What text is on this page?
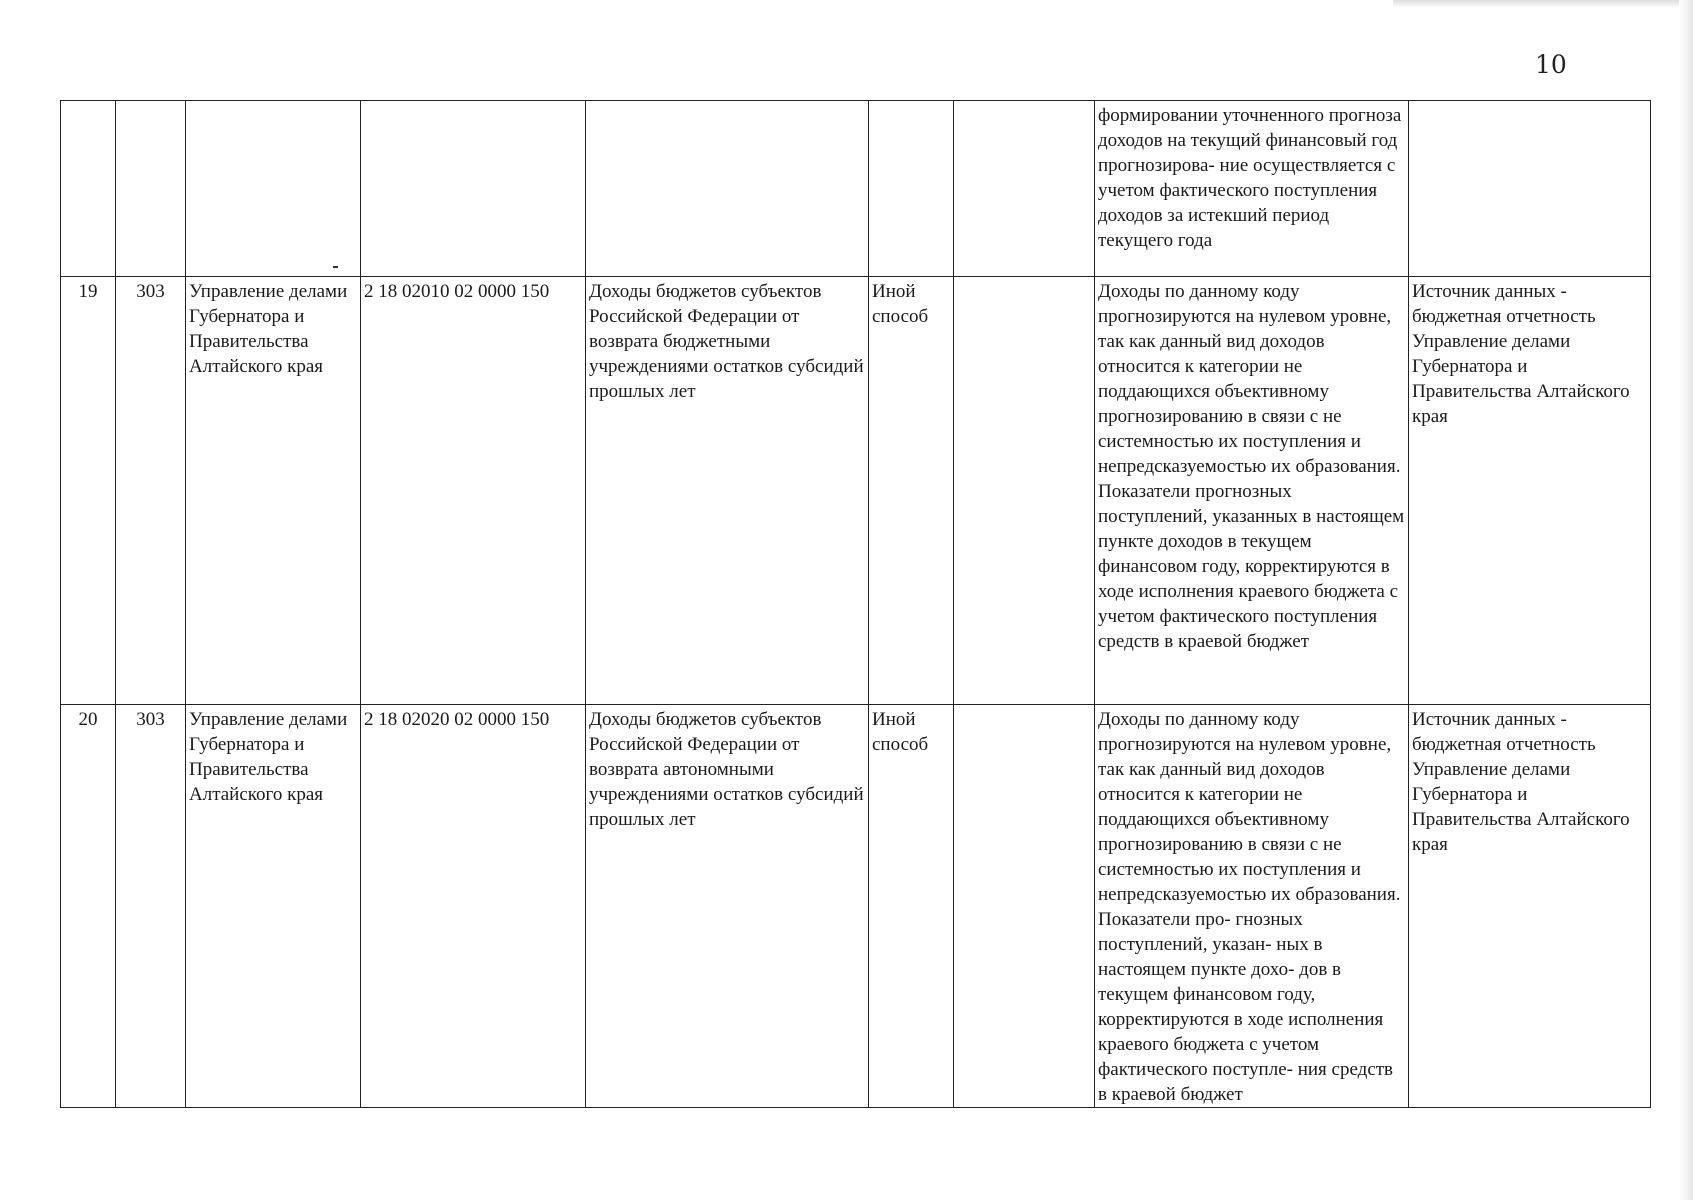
10
							формировании уточненного прогноза доходов на текущий финансовый год прогнозирова- ние осуществляется с учетом фактического поступления доходов за истекший период текущего года	
19	303	Управление делами Губернатора и Правительства Алтайского края	2 18 02010 02 0000 150	Доходы бюджетов субъектов Российской Федерации от возврата бюджетными учреждениями остатков субсидий прошлых лет	Иной способ		Доходы по данному коду прогнозируются на нулевом уровне, так как данный вид доходов относится к категории не поддающихся объективному прогнозированию в связи с не системностью их поступления и непредсказуемостью их образования. Показатели прогнозных поступлений, указанных в настоящем пункте доходов в текущем финансовом году, корректируются в ходе исполнения краевого бюджета с учетом фактического поступления средств в краевой бюджет	Источник данных - бюджетная отчетность Управление делами Губернатора и Правительства Алтайского края
20	303	Управление делами Губернатора и Правительства Алтайского края	2 18 02020 02 0000 150	Доходы бюджетов субъектов Российской Федерации от возврата автономными учреждениями остатков субсидий прошлых лет	Иной способ		Доходы по данному коду прогнозируются на нулевом уровне, так как данный вид доходов относится к категории не поддающихся объективному прогнозированию в связи с не системностью их поступления и непредсказуемостью их образования. Показатели про- гнозных поступлений, указан- ных в настоящем пункте дохо- дов в текущем финансовом году, корректируются в ходе исполнения краевого бюджета с учетом фактического поступле- ния средств в краевой бюджет	Источник данных - бюджетная отчетность Управление делами Губернатора и Правительства Алтайского края
